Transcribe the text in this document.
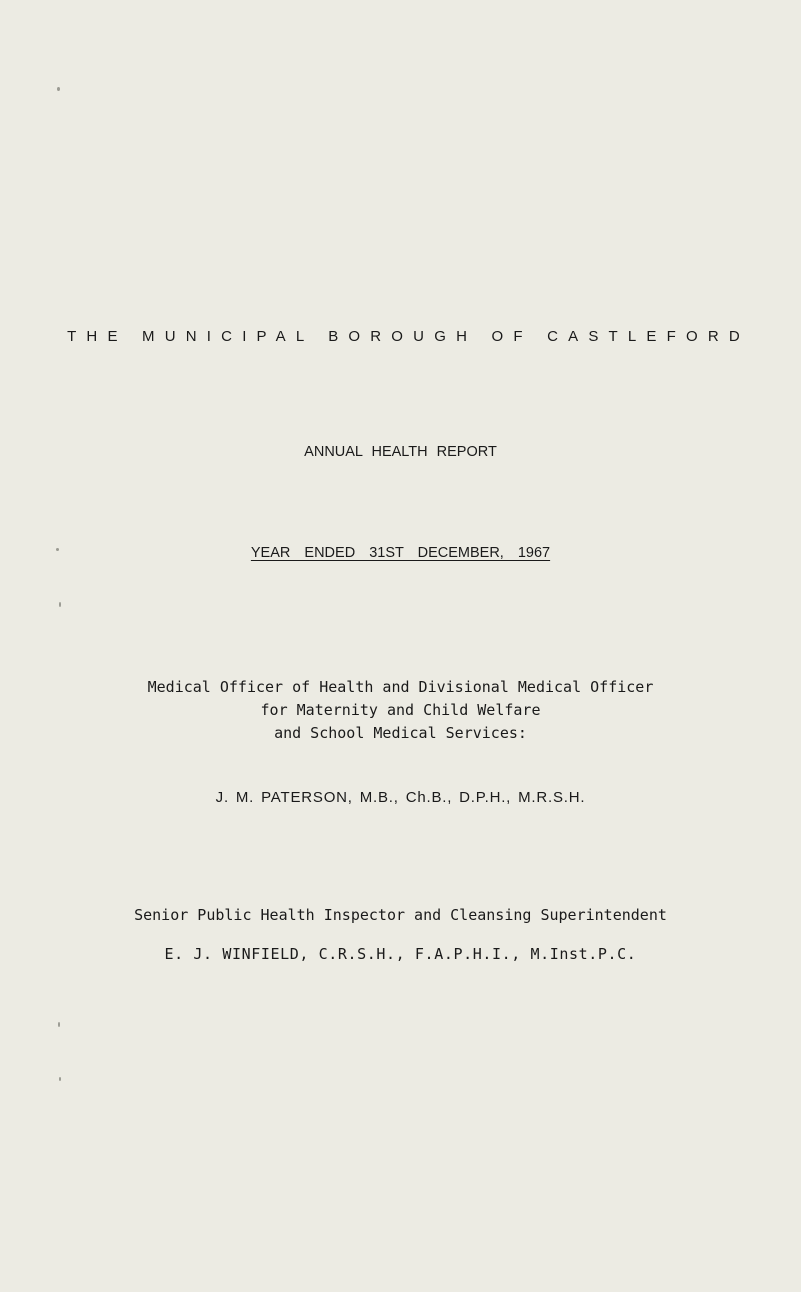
THE MUNICIPAL BOROUGH OF CASTLEFORD
ANNUAL HEALTH REPORT
YEAR ENDED 31ST DECEMBER, 1967
Medical Officer of Health and Divisional Medical Officer
for Maternity and Child Welfare
and School Medical Services:
J. M. PATERSON, M.B., Ch.B., D.P.H., M.R.S.H.
Senior Public Health Inspector and Cleansing Superintendent
E. J. WINFIELD, C.R.S.H., F.A.P.H.I., M.Inst.P.C.
